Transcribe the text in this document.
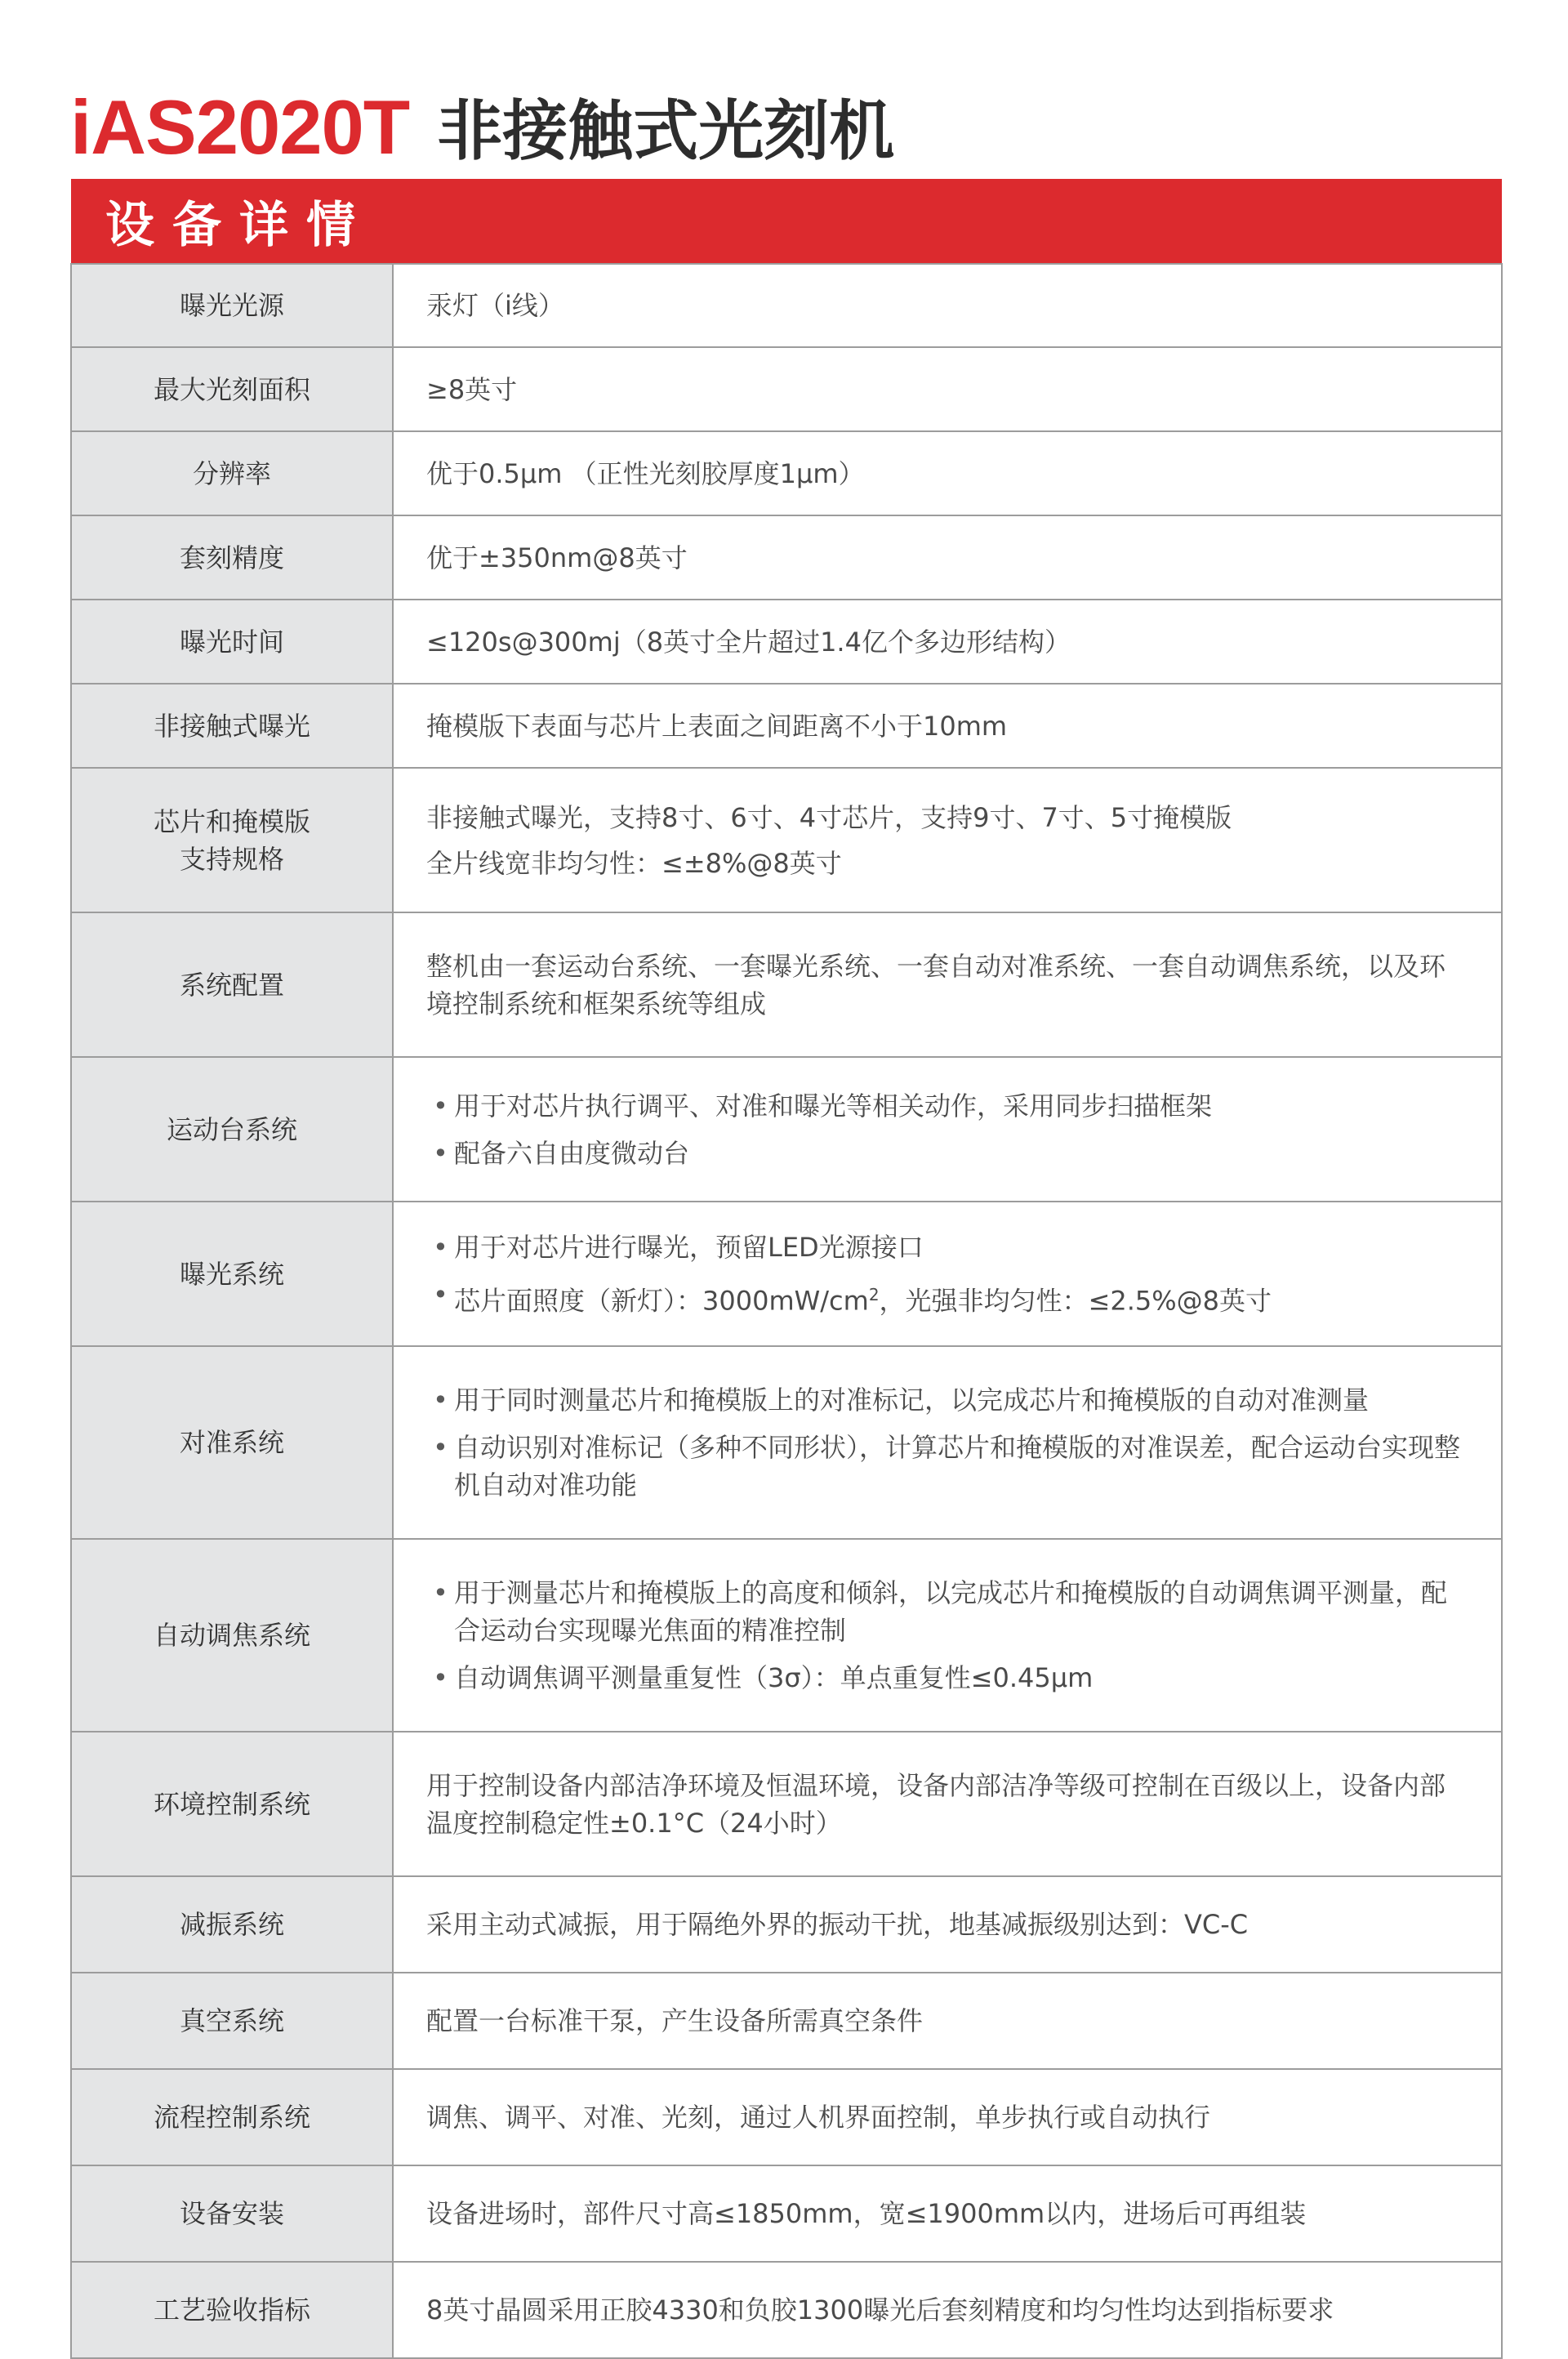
iAS2020T 非接触式光刻机
设备详情	
曝光光源	汞灯（i线）
最大光刻面积	≥8英寸
分辨率	优于0.5μm （正性光刻胶厚度1μm）
套刻精度	优于±350nm@8英寸
曝光时间	≤120s@300mj（8英寸全片超过1.4亿个多边形结构）
非接触式曝光	掩模版下表面与芯片上表面之间距离不小于10mm

芯片和掩模版
支持规格	非接触式曝光，支持8寸、6寸、4寸芯片，支持9寸、7寸、5寸掩模版
全片线宽非均匀性：≤±8%@8英寸

系统配置	整机由一套运动台系统、一套曝光系统、一套自动对准系统、一套自动调焦系统，以及环境控制系统和框架系统等组成
运动台系统	• 用于对芯片执行调平、对准和曝光等相关动作，采用同步扫描框架
• 配备六自由度微动台

曝光系统	• 用于对芯片进行曝光，预留LED光源接口
• 芯片面照度（新灯）：$3000mW/cm^2$，光强非均匀性：≤2.5%@8英寸

对准系统	• 用于同时测量芯片和掩模版上的对准标记，以完成芯片和掩模版的自动对准测量
• 自动识别对准标记（多种不同形状），计算芯片和掩模版的对准误差，配合运动台实现整机自动对准功能

自动调焦系统	• 用于测量芯片和掩模版上的高度和倾斜，以完成芯片和掩模版的自动调焦调平测量，配合运动台实现曝光焦面的精准控制
• 自动调焦调平测量重复性（3σ）：单点重复性≤0.45μm

环境控制系统	用于控制设备内部洁净环境及恒温环境，设备内部洁净等级可控制在百级以上，设备内部温度控制稳定性±0.1°C（24小时）
减振系统	采用主动式减振，用于隔绝外界的振动干扰，地基减振级别达到：VC-C
真空系统	配置一台标准干泵，产生设备所需真空条件
流程控制系统	调焦、调平、对准、光刻，通过人机界面控制，单步执行或自动执行
设备安装	设备进场时，部件尺寸高≤1850mm，宽≤1900mm以内，进场后可再组装
工艺验收指标	8英寸晶圆采用正胶4330和负胶1300曝光后套刻精度和均匀性均达到指标要求
